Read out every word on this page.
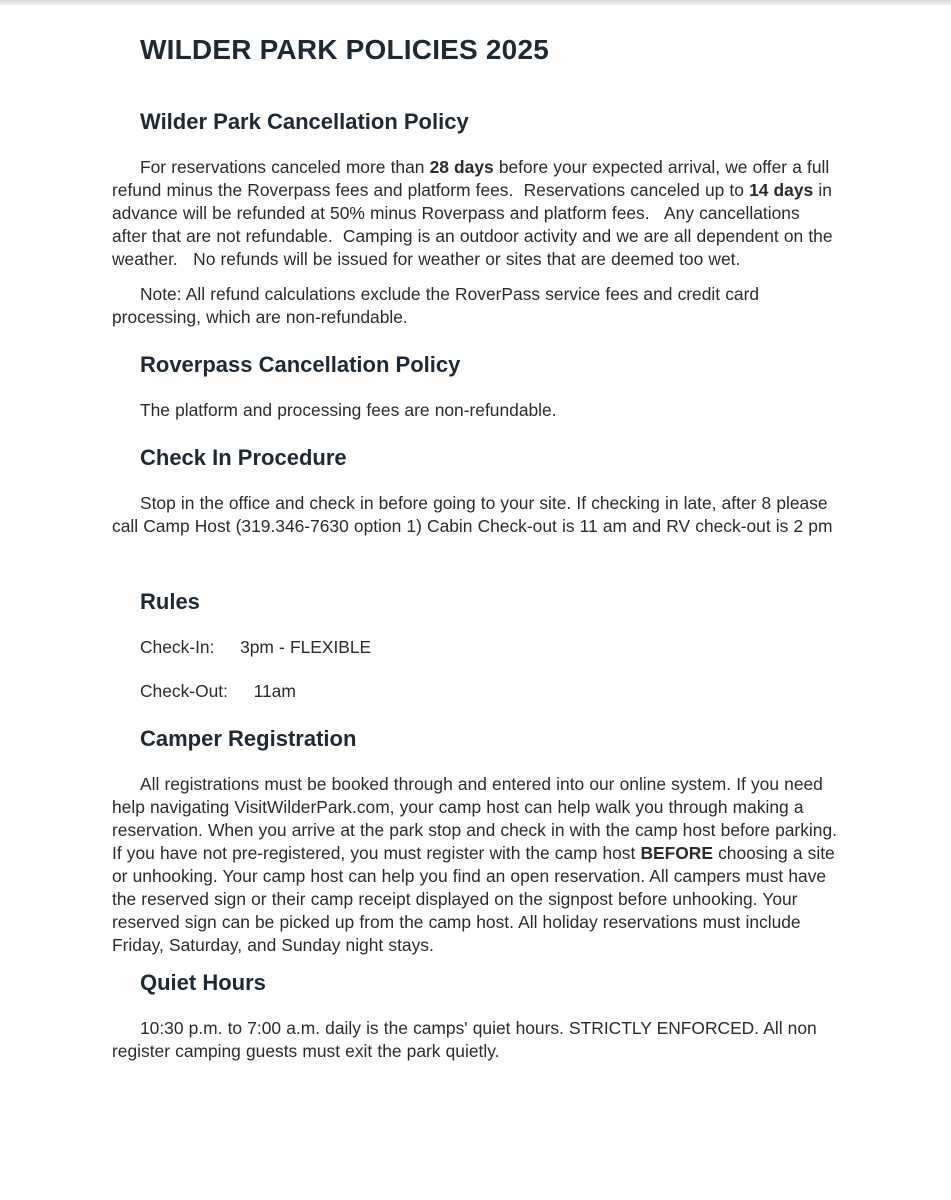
WILDER PARK POLICIES 2025
Wilder Park Cancellation Policy

For reservations canceled more than 28 days before your expected arrival, we offer a full refund minus the Roverpass fees and platform fees.  Reservations canceled up to 14 days in advance will be refunded at 50% minus Roverpass and platform fees.   Any cancellations after that are not refundable.  Camping is an outdoor activity and we are all dependent on the weather.   No refunds will be issued for weather or sites that are deemed too wet.

Note: All refund calculations exclude the RoverPass service fees and credit card processing, which are non-refundable.

Roverpass Cancellation Policy

The platform and processing fees are non-refundable.

Check In Procedure

Stop in the office and check in before going to your site. If checking in late, after 8 please call Camp Host (319.346-7630 option 1) Cabin Check-out is 11 am and RV check-out is 2 pm

Rules

Check-In:     3pm - FLEXIBLE

Check-Out:     11am

Camper Registration

All registrations must be booked through and entered into our online system. If you need help navigating VisitWilderPark.com, your camp host can help walk you through making a reservation. When you arrive at the park stop and check in with the camp host before parking. If you have not pre-registered, you must register with the camp host BEFORE choosing a site or unhooking. Your camp host can help you find an open reservation. All campers must have the reserved sign or their camp receipt displayed on the signpost before unhooking. Your reserved sign can be picked up from the camp host. All holiday reservations must include Friday, Saturday, and Sunday night stays.

Quiet Hours

10:30 p.m. to 7:00 a.m. daily is the camps' quiet hours. STRICTLY ENFORCED. All non register camping guests must exit the park quietly.
